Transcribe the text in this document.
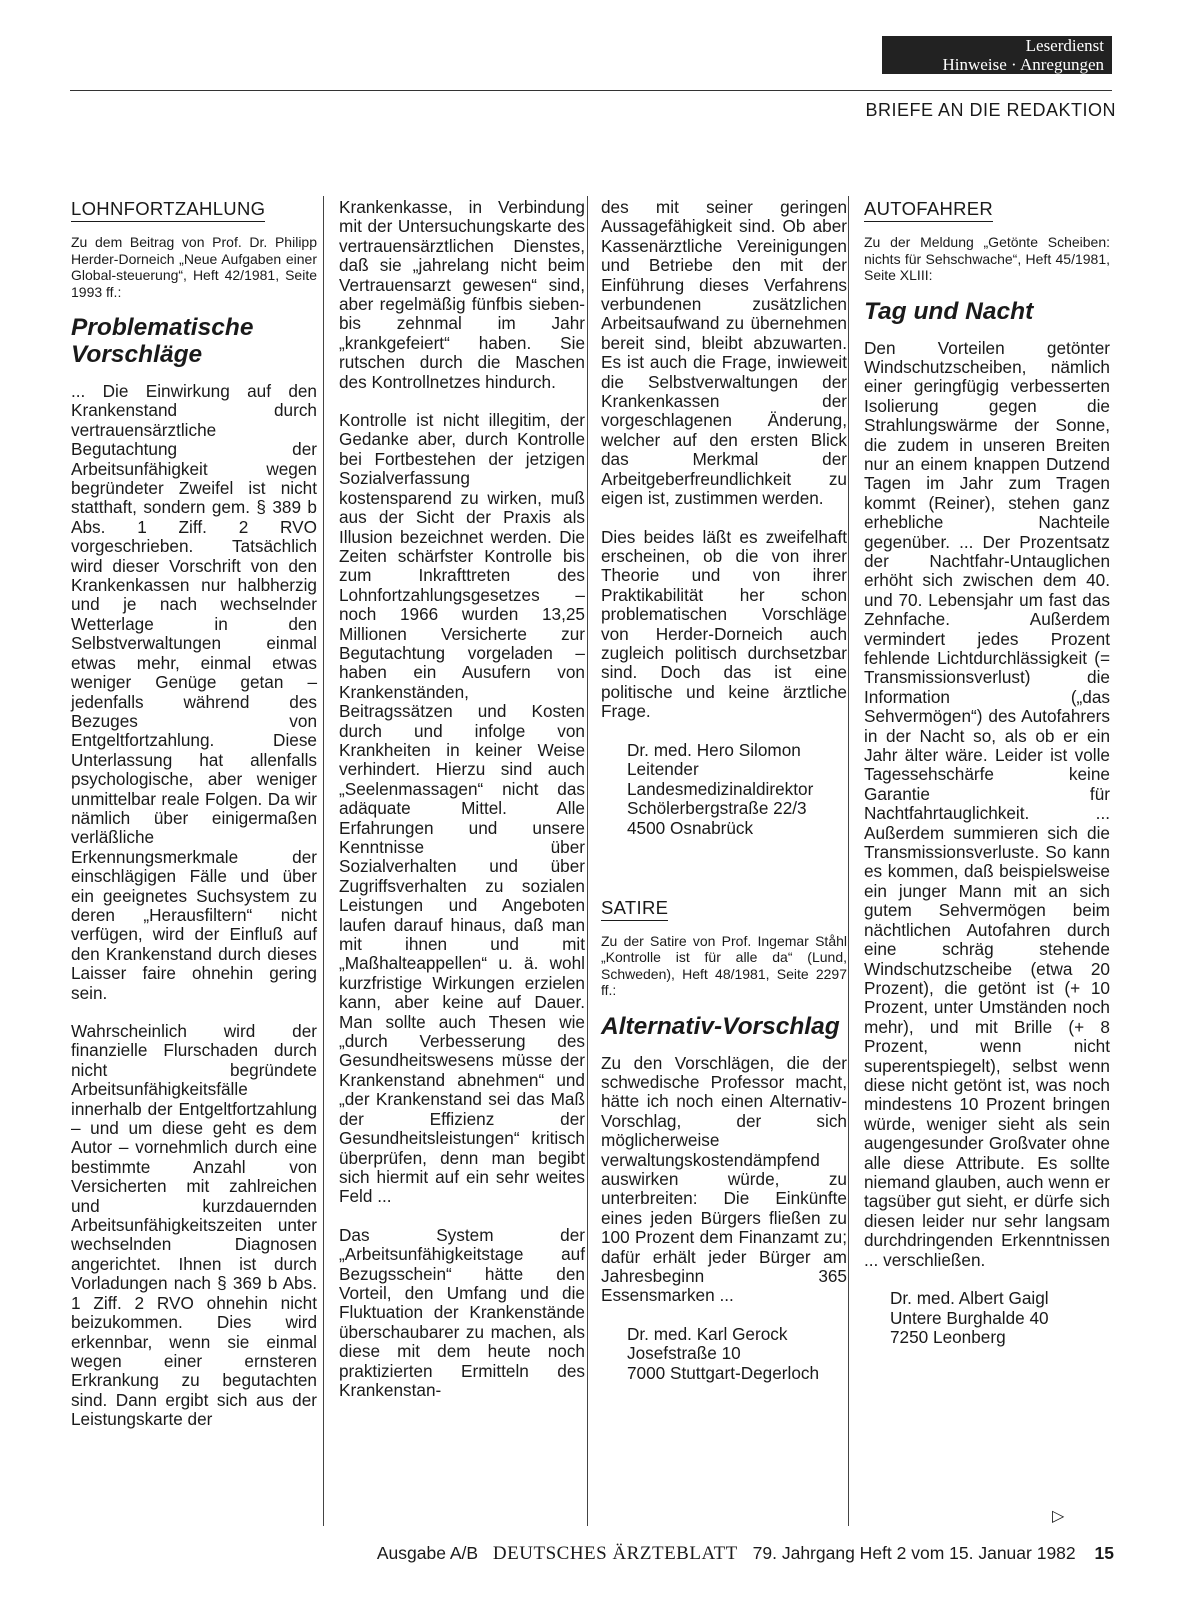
Leserdienst
Hinweise · Anregungen
BRIEFE AN DIE REDAKTION
LOHNFORTZAHLUNG
Zu dem Beitrag von Prof. Dr. Philipp Herder-Dorneich „Neue Aufgaben einer Global-steuerung“, Heft 42/1981, Seite 1993 ff.:
Problematische Vorschläge

... Die Einwirkung auf den Krankenstand durch vertrauensärztliche Begutachtung der Arbeitsunfähigkeit wegen begründeter Zweifel ist nicht statthaft, sondern gem. § 389 b Abs. 1 Ziff. 2 RVO vorgeschrieben. Tatsächlich wird dieser Vorschrift von den Krankenkassen nur halbherzig und je nach wechselnder Wetterlage in den Selbstverwaltungen einmal etwas mehr, einmal etwas weniger Genüge getan – jedenfalls während des Bezuges von Entgeltfortzahlung. Diese Unterlassung hat allenfalls psychologische, aber weniger unmittelbar reale Folgen. Da wir nämlich über einigermaßen verläßliche Erkennungsmerkmale der einschlägigen Fälle und über ein geeignetes Suchsystem zu deren „Herausfiltern“ nicht verfügen, wird der Einfluß auf den Krankenstand durch dieses Laisser faire ohnehin gering sein.

Wahrscheinlich wird der finanzielle Flurschaden durch nicht begründete Arbeitsunfähigkeitsfälle innerhalb der Entgeltfortzahlung – und um diese geht es dem Autor – vornehmlich durch eine bestimmte Anzahl von Versicherten mit zahlreichen und kurzdauernden Arbeitsunfähigkeitszeiten unter wechselnden Diagnosen angerichtet. Ihnen ist durch Vorladungen nach § 369 b Abs. 1 Ziff. 2 RVO ohnehin nicht beizukommen. Dies wird erkennbar, wenn sie einmal wegen einer ernsteren Erkrankung zu begutachten sind. Dann ergibt sich aus der Leistungskarte der

Krankenkasse, in Verbindung mit der Untersuchungskarte des vertrauensärztlichen Dienstes, daß sie „jahrelang nicht beim Vertrauensarzt gewesen“ sind, aber regelmäßig fünfbis sieben- bis zehnmal im Jahr „krankgefeiert“ haben. Sie rutschen durch die Maschen des Kontrollnetzes hindurch.

Kontrolle ist nicht illegitim, der Gedanke aber, durch Kontrolle bei Fortbestehen der jetzigen Sozialverfassung kostensparend zu wirken, muß aus der Sicht der Praxis als Illusion bezeichnet werden. Die Zeiten schärfster Kontrolle bis zum Inkrafttreten des Lohnfortzahlungsgesetzes – noch 1966 wurden 13,25 Millionen Versicherte zur Begutachtung vorgeladen – haben ein Ausufern von Krankenständen, Beitragssätzen und Kosten durch und infolge von Krankheiten in keiner Weise verhindert. Hierzu sind auch „Seelenmassagen“ nicht das adäquate Mittel. Alle Erfahrungen und unsere Kenntnisse über Sozialverhalten und über Zugriffsverhalten zu sozialen Leistungen und Angeboten laufen darauf hinaus, daß man mit ihnen und mit „Maßhalteappellen“ u. ä. wohl kurzfristige Wirkungen erzielen kann, aber keine auf Dauer. Man sollte auch Thesen wie „durch Verbesserung des Gesundheitswesens müsse der Krankenstand abnehmen“ und „der Krankenstand sei das Maß der Effizienz der Gesundheitsleistungen“ kritisch überprüfen, denn man begibt sich hiermit auf ein sehr weites Feld ...

Das System der „Arbeitsunfähigkeitstage auf Bezugsschein“ hätte den Vorteil, den Umfang und die Fluktuation der Krankenstände überschaubarer zu machen, als diese mit dem heute noch praktizierten Ermitteln des Krankenstan-

des mit seiner geringen Aussagefähigkeit sind. Ob aber Kassenärztliche Vereinigungen und Betriebe den mit der Einführung dieses Verfahrens verbundenen zusätzlichen Arbeitsaufwand zu übernehmen bereit sind, bleibt abzuwarten. Es ist auch die Frage, inwieweit die Selbstverwaltungen der Krankenkassen der vorgeschlagenen Änderung, welcher auf den ersten Blick das Merkmal der Arbeitgeberfreundlichkeit zu eigen ist, zustimmen werden.

Dies beides läßt es zweifelhaft erscheinen, ob die von ihrer Theorie und von ihrer Praktikabilität her schon problematischen Vorschläge von Herder-Dorneich auch zugleich politisch durchsetzbar sind. Doch das ist eine politische und keine ärztliche Frage.

Dr. med. Hero Silomon
Leitender
Landesmedizinaldirektor
Schölerbergstraße 22/3
4500 Osnabrück
SATIRE
Zu der Satire von Prof. Ingemar Ståhl „Kontrolle ist für alle da“ (Lund, Schweden), Heft 48/1981, Seite 2297 ff.:
Alternativ-Vorschlag

Zu den Vorschlägen, die der schwedische Professor macht, hätte ich noch einen Alternativ-Vorschlag, der sich möglicherweise verwaltungskostendämpfend auswirken würde, zu unterbreiten: Die Einkünfte eines jeden Bürgers fließen zu 100 Prozent dem Finanzamt zu; dafür erhält jeder Bürger am Jahresbeginn 365 Essensmarken ...

Dr. med. Karl Gerock
Josefstraße 10
7000 Stuttgart-Degerloch
AUTOFAHRER
Zu der Meldung „Getönte Scheiben: nichts für Sehschwache“, Heft 45/1981, Seite XLIII:
Tag und Nacht

Den Vorteilen getönter Windschutzscheiben, nämlich einer geringfügig verbesserten Isolierung gegen die Strahlungswärme der Sonne, die zudem in unseren Breiten nur an einem knappen Dutzend Tagen im Jahr zum Tragen kommt (Reiner), stehen ganz erhebliche Nachteile gegenüber. ... Der Prozentsatz der Nachtfahr-Untauglichen erhöht sich zwischen dem 40. und 70. Lebensjahr um fast das Zehnfache. Außerdem vermindert jedes Prozent fehlende Lichtdurchlässigkeit (= Transmissionsverlust) die Information („das Sehvermögen“) des Autofahrers in der Nacht so, als ob er ein Jahr älter wäre. Leider ist volle Tagessehschärfe keine Garantie für Nachtfahrtauglichkeit. ... Außerdem summieren sich die Transmissionsverluste. So kann es kommen, daß beispielsweise ein junger Mann mit an sich gutem Sehvermögen beim nächtlichen Autofahren durch eine schräg stehende Windschutzscheibe (etwa 20 Prozent), die getönt ist (+ 10 Prozent, unter Umständen noch mehr), und mit Brille (+ 8 Prozent, wenn nicht superentspiegelt), selbst wenn diese nicht getönt ist, was noch mindestens 10 Prozent bringen würde, weniger sieht als sein augengesunder Großvater ohne alle diese Attribute. Es sollte niemand glauben, auch wenn er tagsüber gut sieht, er dürfe sich diesen leider nur sehr langsam durchdringenden Erkenntnissen ... verschließen.

Dr. med. Albert Gaigl
Untere Burghalde 40
7250 Leonberg
▷
Ausgabe A/B DEUTSCHES ÄRZTEBLATT 79. Jahrgang Heft 2 vom 15. Januar 1982 15
